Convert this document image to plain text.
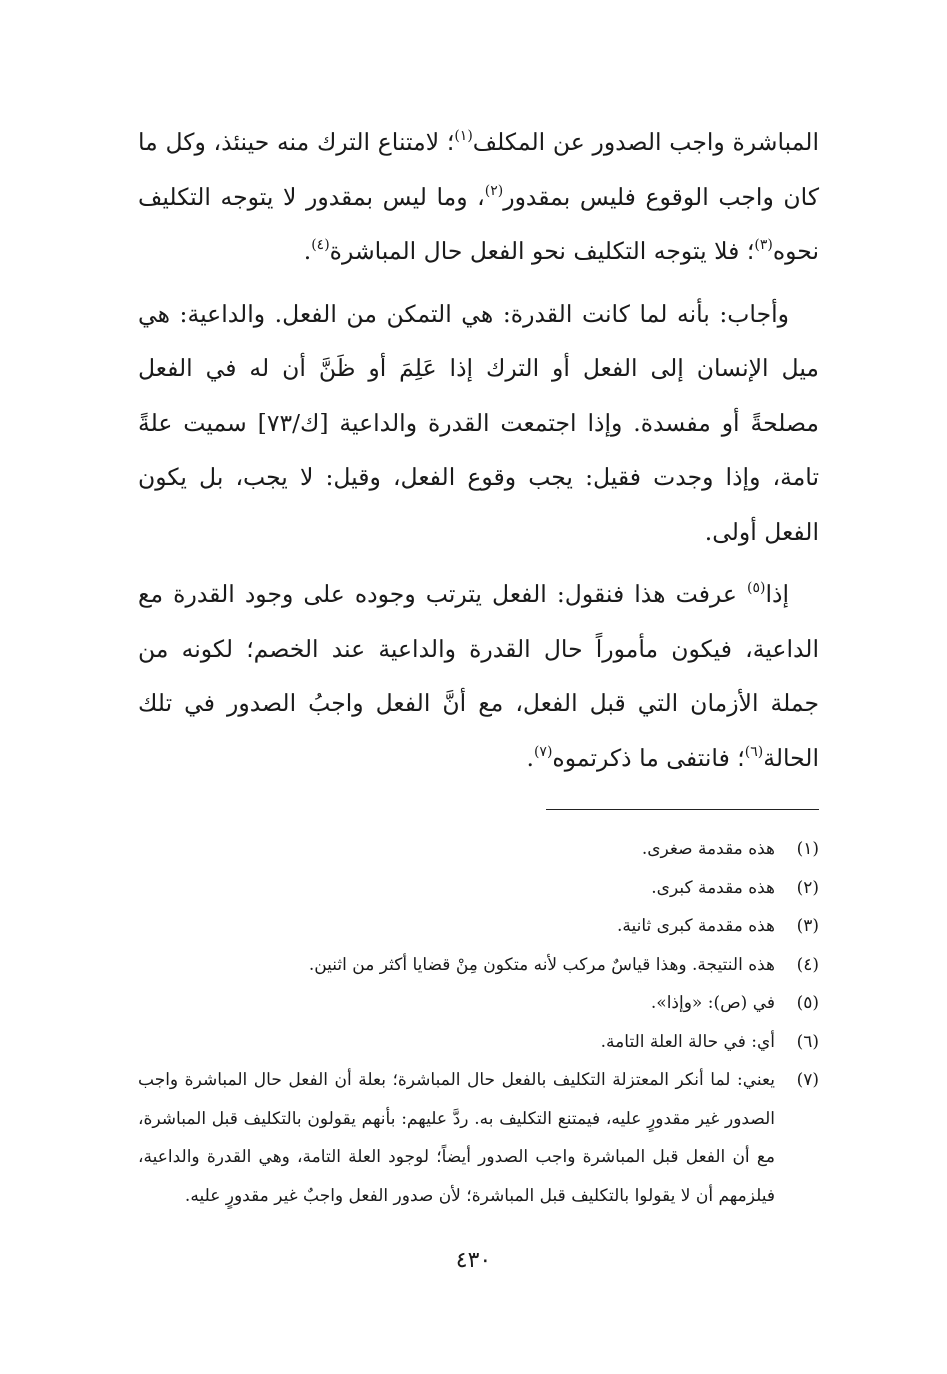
المباشرة واجب الصدور عن المكلف$^{(١)}$؛ لامتناع الترك منه حينئذ، وكل ما كان واجب الوقوع فليس بمقدور$^{(٢)}$، وما ليس بمقدور لا يتوجه التكليف نحوه$^{(٣)}$؛ فلا يتوجه التكليف نحو الفعل حال المباشرة$^{(٤)}$.

وأجاب: بأنه لما كانت القدرة: هي التمكن من الفعل. والداعية: هي ميل الإنسان إلى الفعل أو الترك إذا عَلِمَ أو ظَنَّ أن له في الفعل مصلحةً أو مفسدة. وإذا اجتمعت القدرة والداعية [ك/٧٣] سميت علةً تامة، وإذا وجدت فقيل: يجب وقوع الفعل، وقيل: لا يجب، بل يكون الفعل أولى.

إذا$^{(٥)}$ عرفت هذا فنقول: الفعل يترتب وجوده على وجود القدرة مع الداعية، فيكون مأموراً حال القدرة والداعية عند الخصم؛ لكونه من جملة الأزمان التي قبل الفعل، مع أنَّ الفعل واجبُ الصدور في تلك الحالة$^{(٦)}$؛ فانتفى ما ذكرتموه$^{(٧)}$.

(١)
هذه مقدمة صغرى.
(٢)
هذه مقدمة كبرى.
(٣)
هذه مقدمة كبرى ثانية.
(٤)
هذه النتيجة. وهذا قياسٌ مركب لأنه متكون مِنْ قضايا أكثر من اثنين.
(٥)
في (ص): «وإذا».
(٦)
أي: في حالة العلة التامة.
(٧)
يعني: لما أنكر المعتزلة التكليف بالفعل حال المباشرة؛ بعلة أن الفعل حال المباشرة واجب الصدور غير مقدورٍ عليه، فيمتنع التكليف به. ردَّ عليهم: بأنهم يقولون بالتكليف قبل المباشرة، مع أن الفعل قبل المباشرة واجب الصدور أيضاً؛ لوجود العلة التامة، وهي القدرة والداعية، فيلزمهم أن لا يقولوا بالتكليف قبل المباشرة؛ لأن صدور الفعل واجبٌ غير مقدورٍ عليه.
٤٣٠
